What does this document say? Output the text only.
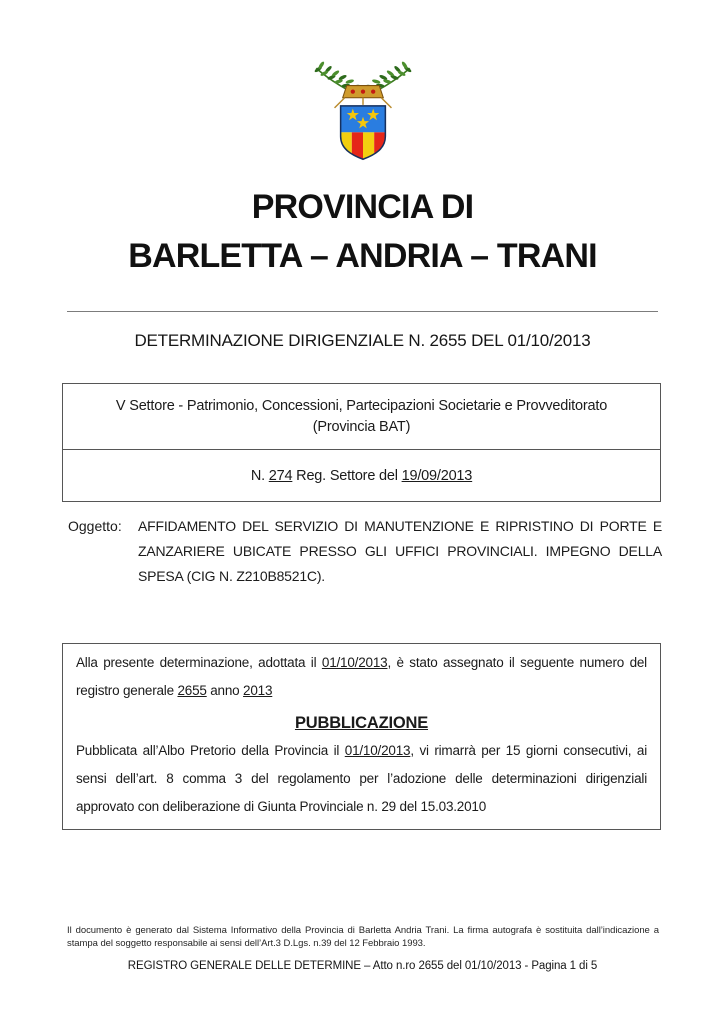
PROVINCIA DI
BARLETTA – ANDRIA – TRANI
DETERMINAZIONE DIRIGENZIALE N. 2655 DEL 01/10/2013
V Settore - Patrimonio, Concessioni, Partecipazioni Societarie e Provveditorato
(Provincia BAT)
N. 274 Reg. Settore del 19/09/2013
Oggetto:	AFFIDAMENTO DEL SERVIZIO DI MANUTENZIONE E RIPRISTINO DI PORTE E ZANZARIERE UBICATE PRESSO GLI UFFICI PROVINCIALI. IMPEGNO DELLA SPESA (CIG N. Z210B8521C).

Alla presente determinazione, adottata il 01/10/2013, è stato assegnato il seguente numero del registro generale 2655 anno 2013

PUBBLICAZIONE

Pubblicata all’Albo Pretorio della Provincia il 01/10/2013, vi rimarrà per 15 giorni consecutivi, ai sensi dell’art. 8 comma 3 del regolamento per l’adozione delle determinazioni dirigenziali approvato con deliberazione di Giunta Provinciale n. 29 del 15.03.2010

Il documento è generato dal Sistema Informativo della Provincia di Barletta Andria Trani. La firma autografa è sostituita dall’indicazione a stampa del soggetto responsabile ai sensi dell’Art.3 D.Lgs. n.39 del 12 Febbraio 1993.
REGISTRO GENERALE DELLE DETERMINE – Atto n.ro 2655 del 01/10/2013 - Pagina 1 di 5
